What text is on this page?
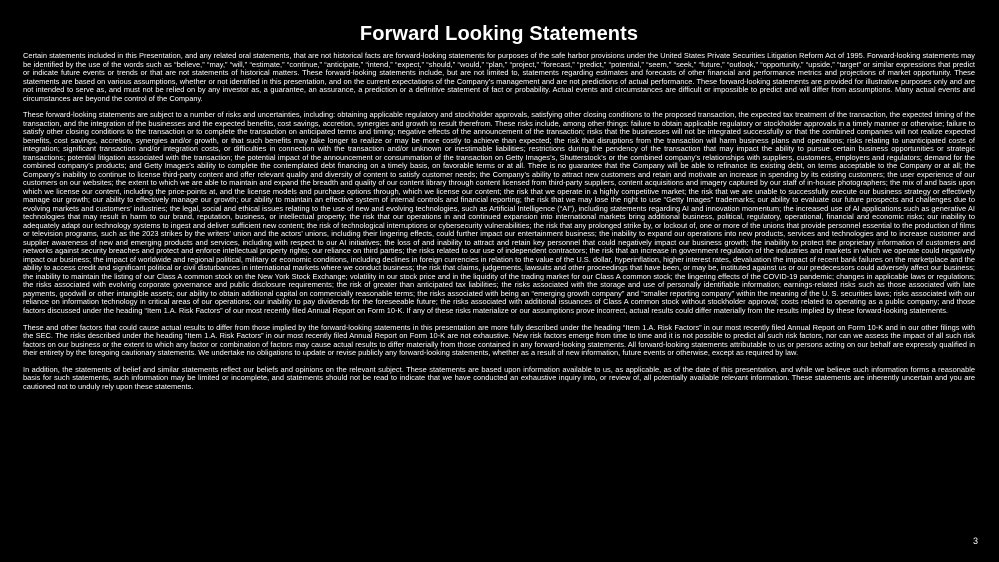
Forward Looking Statements

Certain statements included in this Presentation, and any related oral statements, that are not historical facts are forward-looking statements for purposes of the safe harbor provisions under the United States Private Securities Litigation Reform Act of 1995. Forward-looking statements may be identified by the use of the words such as “believe,” “may,” “will,” “estimate,” “continue,” “anticipate,” “intend,” “expect,” “should,” “would,” “plan,” “project,” “forecast,” “predict,” “potential,” “seem,” “seek,” “future,” “outlook,” “opportunity,” “upside,” “target” or similar expressions that predict or indicate future events or trends or that are not statements of historical matters. These forward-looking statements include, but are not limited to, statements regarding estimates and forecasts of other financial and performance metrics and projections of market opportunity. These statements are based on various assumptions, whether or not identified in this presentation, and on the current expectations of the Company’s management and are not predictions of actual performance. These forward-looking statements are provided for illustrative purposes only and are not intended to serve as, and must not be relied on by any investor as, a guarantee, an assurance, a prediction or a definitive statement of fact or probability. Actual events and circumstances are difficult or impossible to predict and will differ from assumptions. Many actual events and circumstances are beyond the control of the Company.

These forward-looking statements are subject to a number of risks and uncertainties, including: obtaining applicable regulatory and stockholder approvals, satisfying other closing conditions to the proposed transaction, the expected tax treatment of the transaction, the expected timing of the transaction, and the integration of the businesses and the expected benefits, cost savings, accretion, synergies and growth to result therefrom. These risks include, among other things: failure to obtain applicable regulatory or stockholder approvals in a timely manner or otherwise; failure to satisfy other closing conditions to the transaction or to complete the transaction on anticipated terms and timing; negative effects of the announcement of the transaction; risks that the businesses will not be integrated successfully or that the combined companies will not realize expected benefits, cost savings, accretion, synergies and/or growth, or that such benefits may take longer to realize or may be more costly to achieve than expected; the risk that disruptions from the transaction will harm business plans and operations; risks relating to unanticipated costs of integration; significant transaction and/or integration costs, or difficulties in connection with the transaction and/or unknown or inestimable liabilities; restrictions during the pendency of the transaction that may impact the ability to pursue certain business opportunities or strategic transactions; potential litigation associated with the transaction; the potential impact of the announcement or consummation of the transaction on Getty Images’s, Shutterstock’s or the combined company’s relationships with suppliers, customers, employers and regulators; demand for the combined company’s products; and Getty Images’s ability to complete the contemplated debt financing on a timely basis, on favorable terms or at all. There is no guarantee that the Company will be able to refinance its existing debt, on terms acceptable to the Company or at all; the Company’s inability to continue to license third-party content and offer relevant quality and diversity of content to satisfy customer needs; the Company’s ability to attract new customers and retain and motivate an increase in spending by its existing customers; the user experience of our customers on our websites; the extent to which we are able to maintain and expand the breadth and quality of our content library through content licensed from third-party suppliers, content acquisitions and imagery captured by our staff of in-house photographers; the mix of and basis upon which we license our content, including the price-points at, and the license models and purchase options through, which we license our content; the risk that we operate in a highly competitive market; the risk that we are unable to successfully execute our business strategy or effectively manage our growth; our ability to effectively manage our growth; our ability to maintain an effective system of internal controls and financial reporting; the risk that we may lose the right to use “Getty Images” trademarks; our ability to evaluate our future prospects and challenges due to evolving markets and customers’ industries; the legal, social and ethical issues relating to the use of new and evolving technologies, such as Artificial Intelligence (“AI”), including statements regarding AI and innovation momentum; the increased use of AI applications such as generative AI technologies that may result in harm to our brand, reputation, business, or intellectual property; the risk that our operations in and continued expansion into international markets bring additional business, political, regulatory, operational, financial and economic risks; our inability to adequately adapt our technology systems to ingest and deliver sufficient new content; the risk of technological interruptions or cybersecurity vulnerabilities; the risk that any prolonged strike by, or lockout of, one or more of the unions that provide personnel essential to the production of films or television programs, such as the 2023 strikes by the writers’ union and the actors’ unions, including their lingering effects, could further impact our entertainment business; the inability to expand our operations into new products, services and technologies and to increase customer and supplier awareness of new and emerging products and services, including with respect to our AI initiatives; the loss of and inability to attract and retain key personnel that could negatively impact our business growth; the inability to protect the proprietary information of customers and networks against security breaches and protect and enforce intellectual property rights; our reliance on third parties; the risks related to our use of independent contractors; the risk that an increase in government regulation of the industries and markets in which we operate could negatively impact our business; the impact of worldwide and regional political, military or economic conditions, including declines in foreign currencies in relation to the value of the U.S. dollar, hyperinflation, higher interest rates, devaluation the impact of recent bank failures on the marketplace and the ability to access credit and significant political or civil disturbances in international markets where we conduct business; the risk that claims, judgements, lawsuits and other proceedings that have been, or may be, instituted against us or our predecessors could adversely affect our business; the inability to maintain the listing of our Class A common stock on the New York Stock Exchange; volatility in our stock price and in the liquidity of the trading market for our Class A common stock; the lingering effects of the COVID-19 pandemic; changes in applicable laws or regulations; the risks associated with evolving corporate governance and public disclosure requirements; the risk of greater than anticipated tax liabilities; the risks associated with the storage and use of personally identifiable information; earnings-related risks such as those associated with late payments, goodwill or other intangible assets; our ability to obtain additional capital on commercially reasonable terms; the risks associated with being an “emerging growth company” and “smaller reporting company” within the meaning of the U. S. securities laws; risks associated with our reliance on information technology in critical areas of our operations; our inability to pay dividends for the foreseeable future; the risks associated with additional issuances of Class A common stock without stockholder approval; costs related to operating as a public company; and those factors discussed under the heading “Item 1.A. Risk Factors” of our most recently filed Annual Report on Form 10-K. If any of these risks materialize or our assumptions prove incorrect, actual results could differ materially from the results implied by these forward-looking statements.

These and other factors that could cause actual results to differ from those implied by the forward-looking statements in this presentation are more fully described under the heading “Item 1.A. Risk Factors” in our most recently filed Annual Report on Form 10-K and in our other filings with the SEC. The risks described under the heading “Item 1.A. Risk Factors” in our most recently filed Annual Report on Form 10-K are not exhaustive. New risk factors emerge from time to time and it is not possible to predict all such risk factors, nor can we assess the impact of all such risk factors on our business or the extent to which any factor or combination of factors may cause actual results to differ materially from those contained in any forward-looking statements. All forward-looking statements attributable to us or persons acting on our behalf are expressly qualified in their entirety by the foregoing cautionary statements. We undertake no obligations to update or revise publicly any forward-looking statements, whether as a result of new information, future events or otherwise, except as required by law.

In addition, the statements of belief and similar statements reflect our beliefs and opinions on the relevant subject. These statements are based upon information available to us, as applicable, as of the date of this presentation, and while we believe such information forms a reasonable basis for such statements, such information may be limited or incomplete, and statements should not be read to indicate that we have conducted an exhaustive inquiry into, or review of, all potentially available relevant information. These statements are inherently uncertain and you are cautioned not to unduly rely upon these statements.

3
